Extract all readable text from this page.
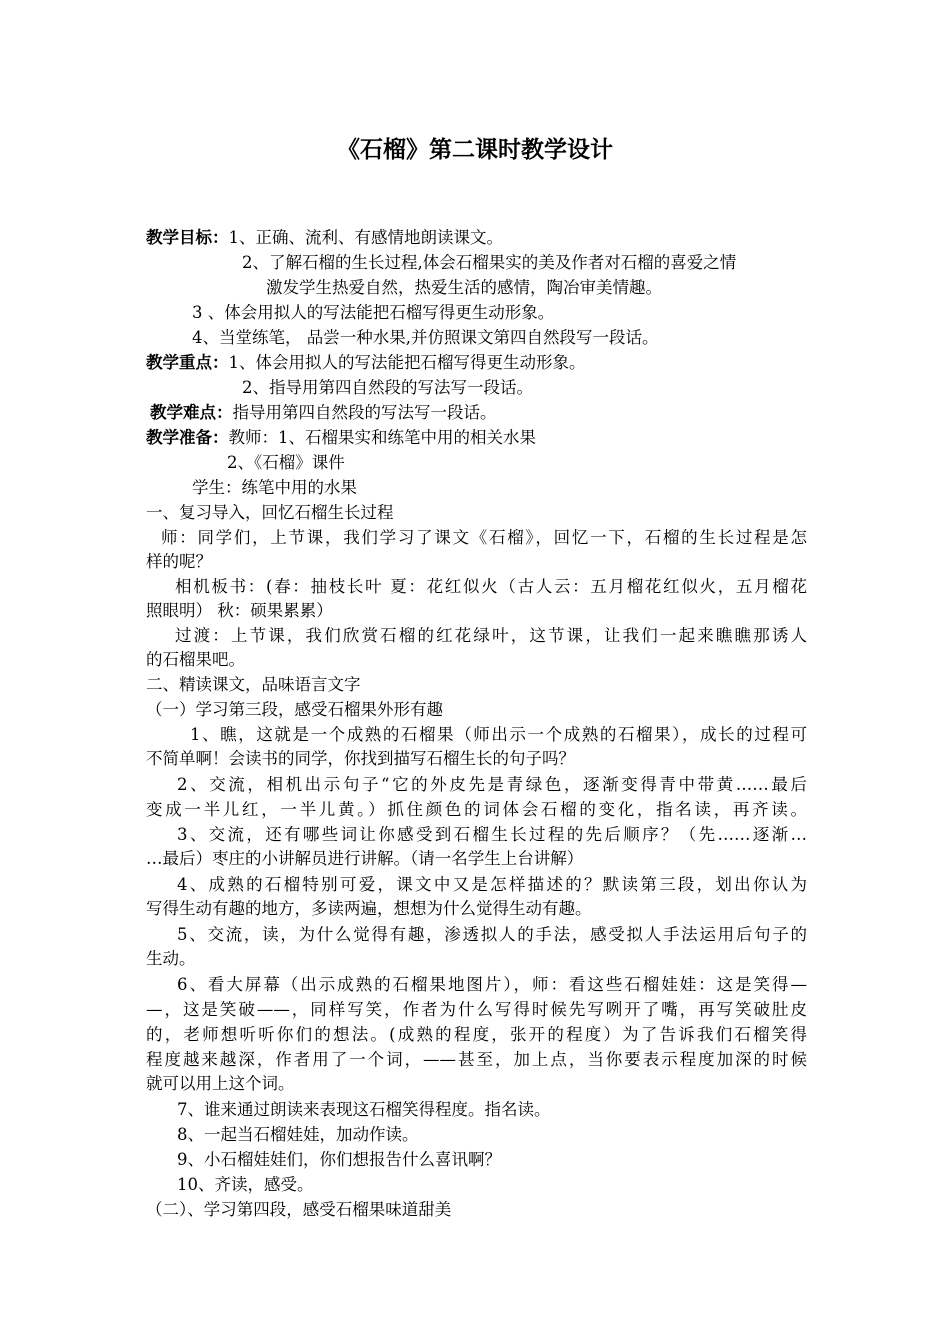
《石榴》第二课时教学设计
教学目标：1、正确、流利、有感情地朗读课文。
2、了解石榴的生长过程,体会石榴果实的美及作者对石榴的喜爱之情
激发学生热爱自然，热爱生活的感情，陶冶审美情趣。
3 、体会用拟人的写法能把石榴写得更生动形象。
4、当堂练笔， 品尝一种水果,并仿照课文第四自然段写一段话。
教学重点：1、体会用拟人的写法能把石榴写得更生动形象。
2、指导用第四自然段的写法写一段话。
教学难点：指导用第四自然段的写法写一段话。
教学准备：教师：1、石榴果实和练笔中用的相关水果
2、《石榴》课件
学生：练笔中用的水果
一、复习导入，回忆石榴生长过程
师：同学们，上节课，我们学习了课文《石榴》，回忆一下，石榴的生长过程是怎
样的呢？
相机板书：(春：抽枝长叶 夏：花红似火（古人云：五月榴花红似火，五月榴花
照眼明） 秋：硕果累累）
过渡：上节课，我们欣赏石榴的红花绿叶，这节课，让我们一起来瞧瞧那诱人
的石榴果吧。
二、精读课文，品味语言文字
（一）学习第三段，感受石榴果外形有趣
1、瞧，这就是一个成熟的石榴果（师出示一个成熟的石榴果），成长的过程可
不简单啊！会读书的同学，你找到描写石榴生长的句子吗？
2、交流，相机出示句子“它的外皮先是青绿色，逐渐变得青中带黄……最后
变成一半儿红，一半儿黄。）抓住颜色的词体会石榴的变化，指名读，再齐读。
3、交流，还有哪些词让你感受到石榴生长过程的先后顺序？（先……逐渐…
…最后）枣庄的小讲解员进行讲解。（请一名学生上台讲解）
4、成熟的石榴特别可爱，课文中又是怎样描述的？默读第三段，划出你认为
写得生动有趣的地方，多读两遍，想想为什么觉得生动有趣。
5、交流，读，为什么觉得有趣，渗透拟人的手法，感受拟人手法运用后句子的
生动。
6、看大屏幕（出示成熟的石榴果地图片），师：看这些石榴娃娃：这是笑得—
—，这是笑破——，同样写笑，作者为什么写得时候先写咧开了嘴，再写笑破肚皮
的，老师想听听你们的想法。(成熟的程度，张开的程度）为了告诉我们石榴笑得
程度越来越深，作者用了一个词，——甚至，加上点，当你要表示程度加深的时候
就可以用上这个词。
7、谁来通过朗读来表现这石榴笑得程度。指名读。
8、一起当石榴娃娃，加动作读。
9、小石榴娃娃们，你们想报告什么喜讯啊？
10、齐读，感受。
（二）、学习第四段，感受石榴果味道甜美
